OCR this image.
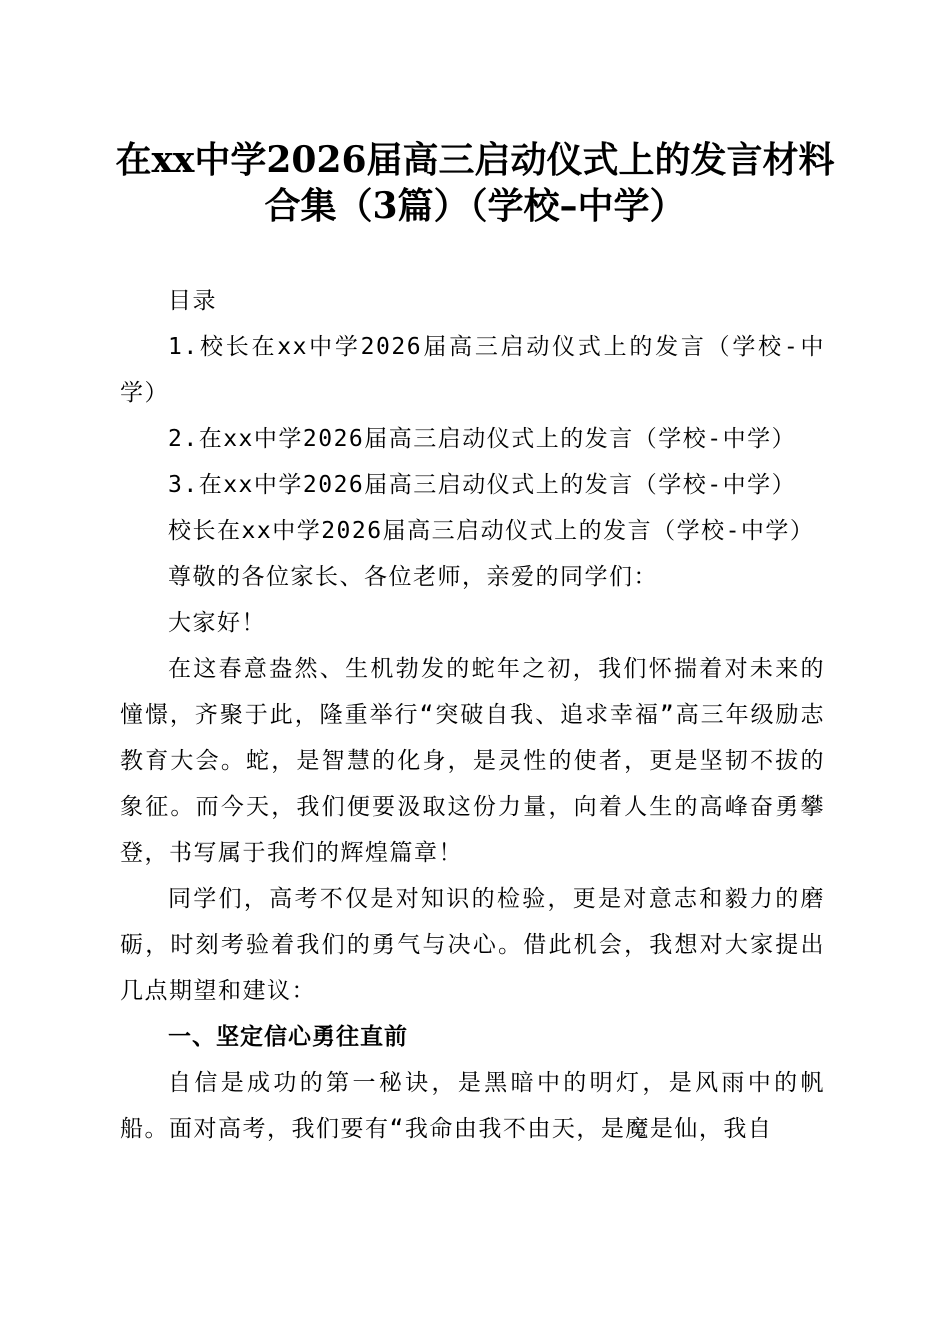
在xx中学2026届高三启动仪式上的发言材料
合集（3篇）（学校–中学）

目录

1.校长在xx中学2026届高三启动仪式上的发言（学校-中学）

2.在xx中学2026届高三启动仪式上的发言（学校-中学）

3.在xx中学2026届高三启动仪式上的发言（学校-中学）

校长在xx中学2026届高三启动仪式上的发言（学校-中学）

尊敬的各位家长、各位老师，亲爱的同学们：

大家好！

在这春意盎然、生机勃发的蛇年之初，我们怀揣着对未来的憧憬，齐聚于此，隆重举行“突破自我、追求幸福”高三年级励志教育大会。蛇，是智慧的化身，是灵性的使者，更是坚韧不拔的象征。而今天，我们便要汲取这份力量，向着人生的高峰奋勇攀登，书写属于我们的辉煌篇章！

同学们，高考不仅是对知识的检验，更是对意志和毅力的磨砺，时刻考验着我们的勇气与决心。借此机会，我想对大家提出几点期望和建议：

一、坚定信心勇往直前

自信是成功的第一秘诀，是黑暗中的明灯，是风雨中的帆船。面对高考，我们要有“我命由我不由天，是魔是仙，我自
